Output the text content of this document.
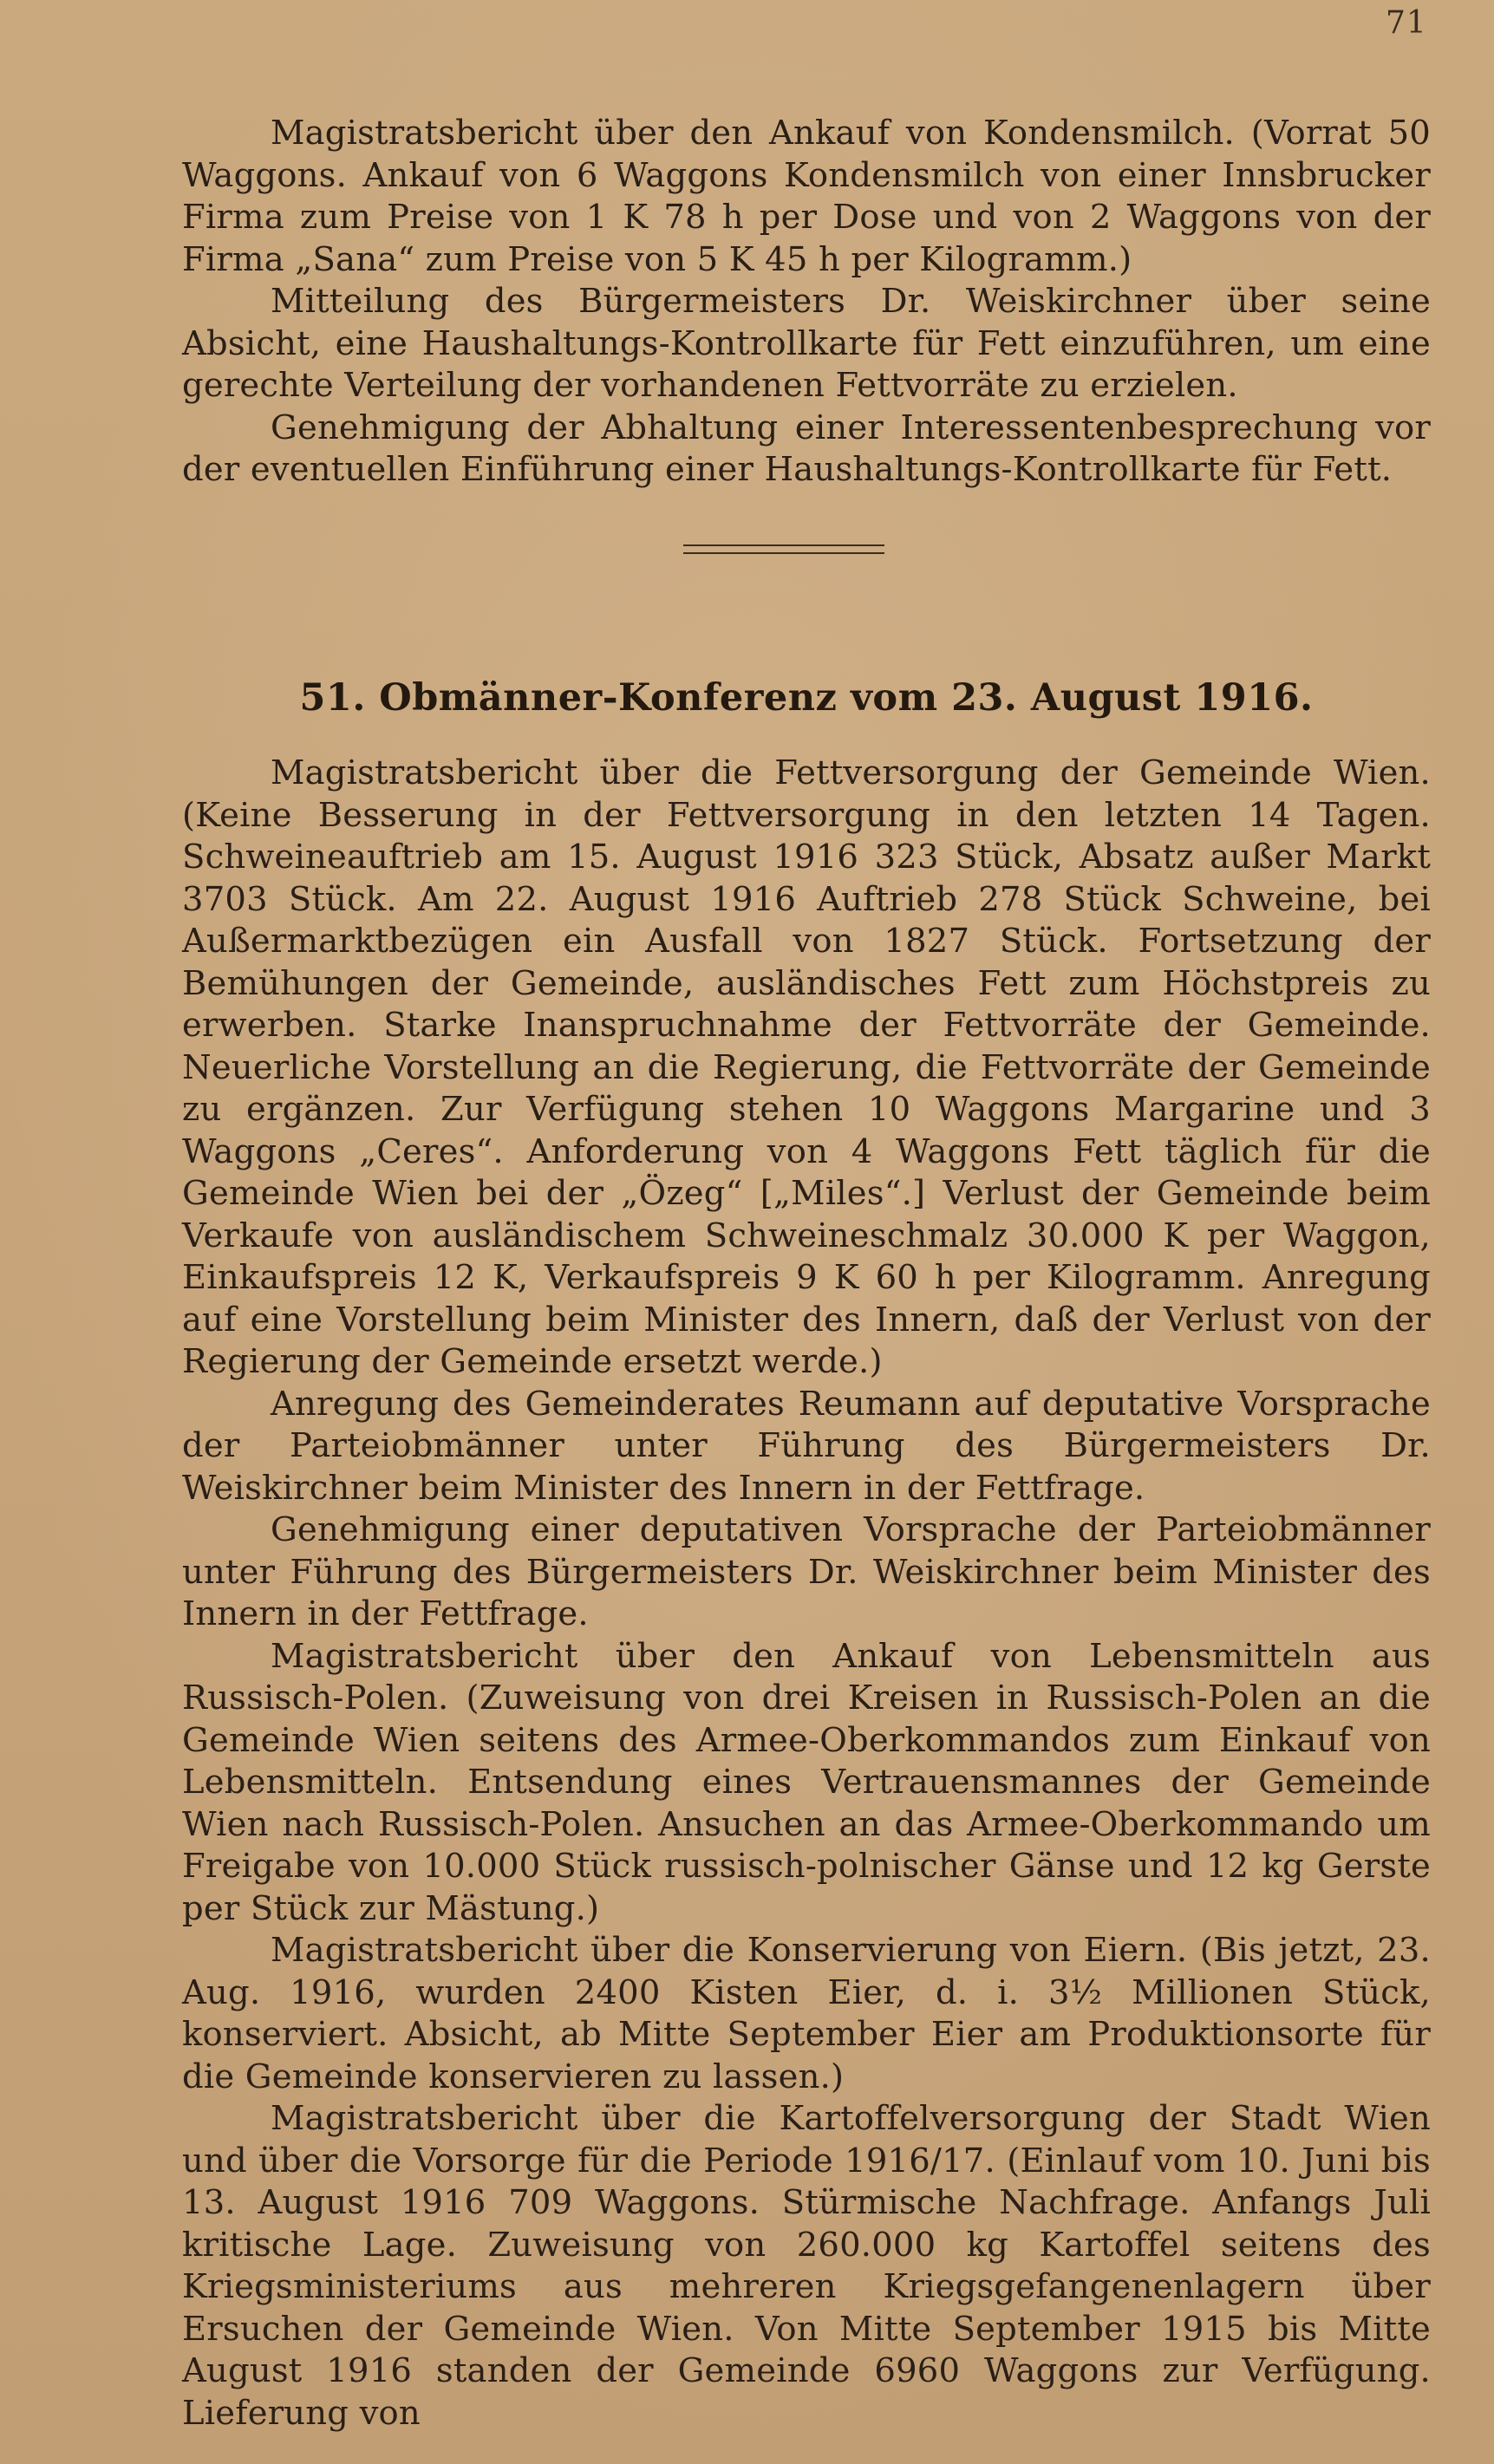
71

Magistratsbericht über den Ankauf von Kondensmilch. (Vorrat 50 Waggons. Ankauf von 6 Waggons Kondensmilch von einer Innsbrucker Firma zum Preise von 1 K 78 h per Dose und von 2 Waggons von der Firma „Sana“ zum Preise von 5 K 45 h per Kilogramm.)

Mitteilung des Bürgermeisters Dr. Weiskirchner über seine Absicht, eine Haushaltungs-Kontrollkarte für Fett einzuführen, um eine gerechte Verteilung der vorhandenen Fettvorräte zu erzielen.

Genehmigung der Abhaltung einer Interessentenbesprechung vor der eventuellen Einführung einer Haushaltungs-Kontrollkarte für Fett.

51. Obmänner-Konferenz vom 23. August 1916.

Magistratsbericht über die Fettversorgung der Gemeinde Wien. (Keine Besserung in der Fettversorgung in den letzten 14 Tagen. Schweineauftrieb am 15. August 1916 323 Stück, Absatz außer Markt 3703 Stück. Am 22. August 1916 Auftrieb 278 Stück Schweine, bei Außermarktbezügen ein Ausfall von 1827 Stück. Fortsetzung der Bemühungen der Gemeinde, ausländisches Fett zum Höchstpreis zu erwerben. Starke Inanspruchnahme der Fettvorräte der Gemeinde. Neuerliche Vorstellung an die Regierung, die Fettvorräte der Gemeinde zu ergänzen. Zur Verfügung stehen 10 Waggons Margarine und 3 Waggons „Ceres“. Anforderung von 4 Waggons Fett täglich für die Gemeinde Wien bei der „Özeg“ [„Miles“.] Verlust der Gemeinde beim Verkaufe von ausländischem Schweineschmalz 30.000 K per Waggon, Einkaufspreis 12 K, Verkaufspreis 9 K 60 h per Kilogramm. Anregung auf eine Vorstellung beim Minister des Innern, daß der Verlust von der Regierung der Gemeinde ersetzt werde.)

Anregung des Gemeinderates Reumann auf deputative Vorsprache der Parteiobmänner unter Führung des Bürgermeisters Dr. Weiskirchner beim Minister des Innern in der Fettfrage.

Genehmigung einer deputativen Vorsprache der Parteiobmänner unter Führung des Bürgermeisters Dr. Weiskirchner beim Minister des Innern in der Fettfrage.

Magistratsbericht über den Ankauf von Lebensmitteln aus Russisch-Polen. (Zuweisung von drei Kreisen in Russisch-Polen an die Gemeinde Wien seitens des Armee-Oberkommandos zum Einkauf von Lebensmitteln. Entsendung eines Vertrauensmannes der Gemeinde Wien nach Russisch-Polen. Ansuchen an das Armee-Oberkommando um Freigabe von 10.000 Stück russisch-polnischer Gänse und 12 kg Gerste per Stück zur Mästung.)

Magistratsbericht über die Konservierung von Eiern. (Bis jetzt, 23. Aug. 1916, wurden 2400 Kisten Eier, d. i. 3½ Millionen Stück, konserviert. Absicht, ab Mitte September Eier am Produktionsorte für die Gemeinde konservieren zu lassen.)

Magistratsbericht über die Kartoffelversorgung der Stadt Wien und über die Vorsorge für die Periode 1916/17. (Einlauf vom 10. Juni bis 13. August 1916 709 Waggons. Stürmische Nachfrage. Anfangs Juli kritische Lage. Zuweisung von 260.000 kg Kartoffel seitens des Kriegsministeriums aus mehreren Kriegsgefangenenlagern über Ersuchen der Gemeinde Wien. Von Mitte September 1915 bis Mitte August 1916 standen der Gemeinde 6960 Waggons zur Verfügung. Lieferung von
